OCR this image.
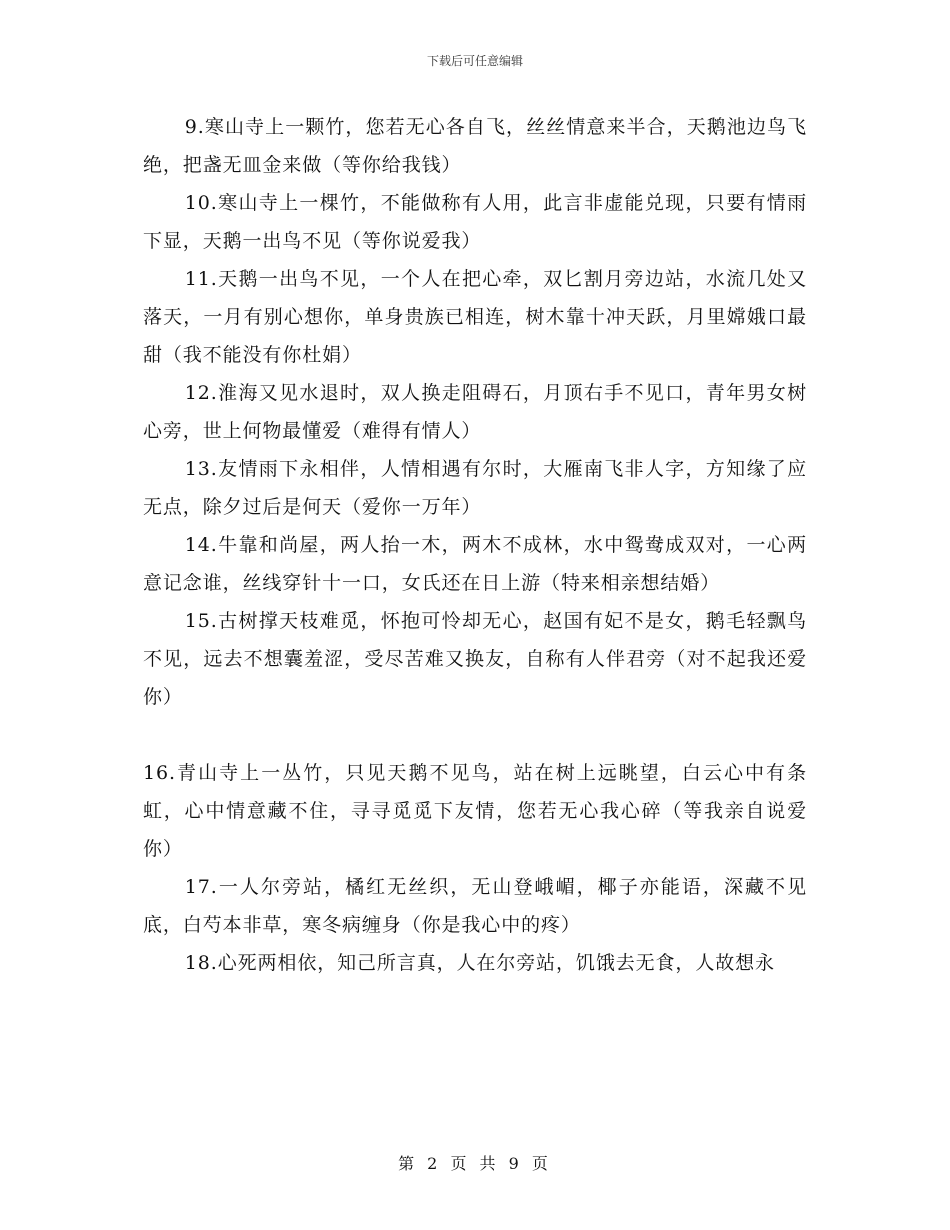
下载后可任意编辑

9.寒山寺上一颗竹，您若无心各自飞，丝丝情意来半合，天鹅池边鸟飞绝，把盏无皿金来做（等你给我钱）

10.寒山寺上一棵竹，不能做称有人用，此言非虚能兑现，只要有情雨下显，天鹅一出鸟不见（等你说爱我）

11.天鹅一出鸟不见，一个人在把心牵，双匕割月旁边站，水流几处又落天，一月有别心想你，单身贵族已相连，树木靠十冲天跃，月里嫦娥口最甜（我不能没有你杜娟）

12.淮海又见水退时，双人换走阻碍石，月顶右手不见口，青年男女树心旁，世上何物最懂爱（难得有情人）

13.友情雨下永相伴，人情相遇有尔时，大雁南飞非人字，方知缘了应无点，除夕过后是何天（爱你一万年）

14.牛靠和尚屋，两人抬一木，两木不成林，水中鸳鸯成双对，一心两意记念谁，丝线穿针十一口，女氏还在日上游（特来相亲想结婚）

15.古树撑天枝难觅，怀抱可怜却无心，赵国有妃不是女，鹅毛轻飘鸟不见，远去不想囊羞涩，受尽苦难又换友，自称有人伴君旁（对不起我还爱你）

16.青山寺上一丛竹，只见天鹅不见鸟，站在树上远眺望，白云心中有条虹，心中情意藏不住，寻寻觅觅下友情，您若无心我心碎（等我亲自说爱你）

17.一人尔旁站，橘红无丝织，无山登峨嵋，椰子亦能语，深藏不见底，白芍本非草，寒冬病缠身（你是我心中的疼）

18.心死两相依，知己所言真，人在尔旁站，饥饿去无食，人故想永

第 2 页 共 9 页
